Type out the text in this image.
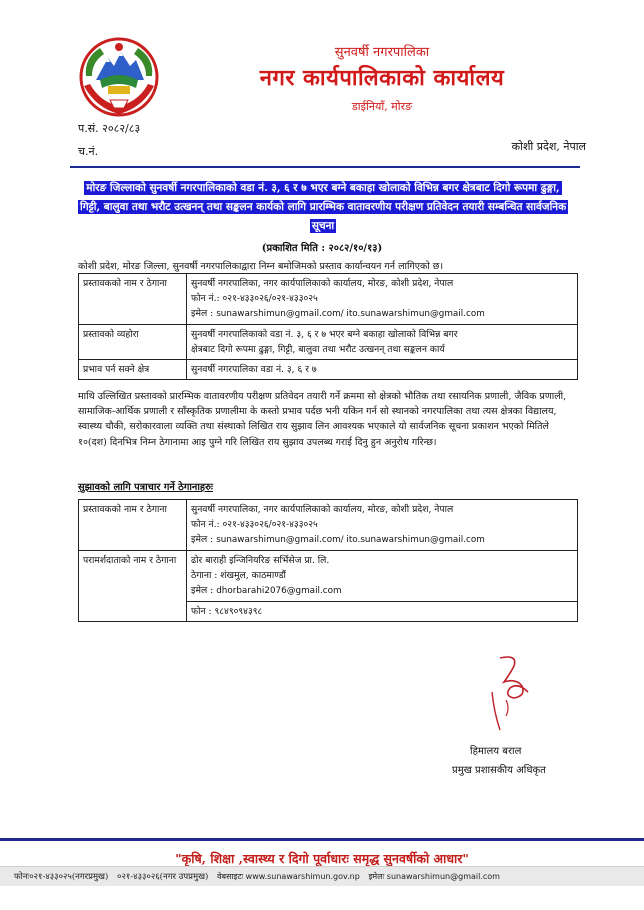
सुनवर्षी नगरपालिका
नगर कार्यपालिकाको कार्यालय
डाईनियाँ, मोरङ
प.सं. २०८२/८३
च.नं.	कोशी प्रदेश, नेपाल
मोरङ जिल्लाको सुनवर्षी नगरपालिकाको वडा नं. ३, ६ र ७ भएर बग्ने बकाहा खोलाको विभिन्न बगर क्षेत्रबाट दिगो रूपमा ढुङ्गा, गिट्टी, बालुवा तथा भरौट उत्खनन् तथा सङ्कलन कार्यको लागि प्रारम्भिक वातावरणीय परीक्षण प्रतिवेदन तयारी सम्बन्धित सार्वजनिक सूचना
(प्रकाशित मिति : २०८२/१०/१३)
कोशी प्रदेश, मोरङ जिल्ला, सुनवर्षी नगरपालिकाद्वारा निम्न बमोजिमको प्रस्ताव कार्यान्वयन गर्न लागिएको छ।
प्रस्तावकको नाम र ठेगाना	सुनवर्षी नगरपालिका, नगर कार्यपालिकाको कार्यालय, मोरङ, कोशी प्रदेश, नेपाल
फोन नं.: ०२१-४३३०२६/०२१-४३३०२५
इमेल : sunawarshimun@gmail.com/ ito.sunawarshimun@gmail.com

प्रस्तावको व्यहोरा	सुनवर्षी नगरपालिकाको वडा नं. ३, ६ र ७ भएर बग्ने बकाहा खोलाको विभिन्न बगर
क्षेत्रबाट दिगो रूपमा ढुङ्गा, गिट्टी, बालुवा तथा भरौट उत्खनन् तथा सङ्कलन कार्य

प्रभाव पर्न सक्ने क्षेत्र	सुनवर्षी नगरपालिका वडा नं. ३, ६ र ७
माथि उल्लिखित प्रस्तावको प्रारम्भिक वातावरणीय परीक्षण प्रतिवेदन तयारी गर्ने क्रममा सो क्षेत्रको भौतिक तथा रसायनिक प्रणाली, जैविक प्रणाली, सामाजिक-आर्थिक प्रणाली र साँस्कृतिक प्रणालीमा के कस्तो प्रभाव पर्दछ भनी यकिन गर्न सो स्थानको नगरपालिका तथा त्यस क्षेत्रका विद्यालय, स्वास्थ्य चौकी, सरोकारवाला व्यक्ति तथा संस्थाको लिखित राय सुझाव लिन आवश्यक भएकाले यो सार्वजनिक सूचना प्रकाशन भएको मितिले १०(दश) दिनभित्र निम्न ठेगानामा आइ पुग्ने गरि लिखित राय सुझाव उपलब्ध गराई दिनु हुन अनुरोध गरिन्छ।
सुझावको लागि पत्राचार गर्ने ठेगानाहरुः
प्रस्तावकको नाम र ठेगाना	सुनवर्षी नगरपालिका, नगर कार्यपालिकाको कार्यालय, मोरङ, कोशी प्रदेश, नेपाल
फोन नं.: ०२१-४३३०२६/०२१-४३३०२५
इमेल : sunawarshimun@gmail.com/ ito.sunawarshimun@gmail.com

परामर्शदाताको नाम र ठेगाना	ढोर बाराही इन्जिनियरिङ सर्भिसेज प्रा. लि.
ठेगाना : शंखमुल, काठमाण्डौं
इमेल : dhorbarahi2076@gmail.com
फोन : ९८४९०९४३९८
हिमालय बराल
प्रमुख प्रशासकीय अधिकृत
"कृषि, शिक्षा ,स्वास्थ्य र दिगो पूर्वाधारः समृद्ध सुनवर्षीको आधार"
फोनः०२१-४३३०२५(नगरप्रमुख) ०२१-४३३०२६(नगर उपप्रमुख) वेबसाइटः www.sunawarshimun.gov.np इमेलः sunawarshimun@gmail.com
